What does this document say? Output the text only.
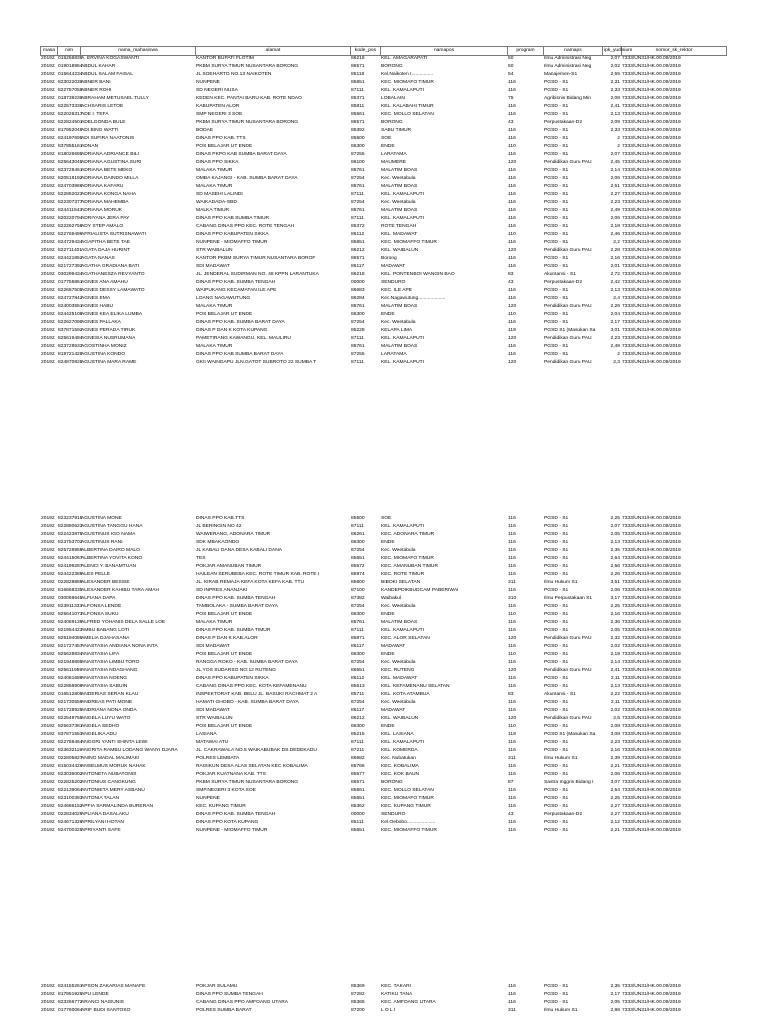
masa	nim	nama_mahasiswa	alamat	kode_pos	namapos	program	namaps	ipk_yudisium	nomor_sk_rektor
20192	015256839	A. ERVINA KOGASWANTI	KANTOR BUPATI FLOTIM	86216	KEL. AMAGARAPATI	50	Ilmu Administrasi Neg	2,07	7333/UN31/HK.00.09/2019
20192	019018964	ABDUL KAHAR	PKBM SURYA TIMUR NUSANTARA BORONG	86571	BORONG	50	Ilmu Administrasi Neg	2,02	7333/UN31/HK.00.09/2019
20192	015644234	ABDUL SALAM FAISAL	JL SOEHARTO NO.13 NAIKOTEN	85118	Kel.Naikoten I................	54	Manajemen-S1	2,55	7333/UN31/HK.00.09/2019
20192	823022036	ABNER BANI	NUNPENE	85651	KEC. MIOMAFO TIMUR	116	PGSD - S1	2,31	7333/UN31/HK.00.09/2019
20192	822757058	ABNER ROHI	SD NEGERI NUSA	87111	KEL. KAMALAPUTI	116	PGSD - S1	2,33	7333/UN31/HK.00.09/2019
20192	018739236	ABRAHAM METUSAEL TULLY	KEDEN KEC. PANTAI BARU KAB. ROTE NDAO	85371	LOBALAIN	75	Agribisnis Bidang Min	2,08	7333/UN31/HK.00.09/2019
20192	822573338	ACHSARIS LETOE	KABUPATEN ALOR	85811	KEL. KALABAHI TIMUR	116	PGSD - S1	2,41	7333/UN31/HK.00.09/2019
20192	822026317	ADE I. TEFA	SMP NEGERI 3 SOE	85561	KEC. MOLLO SELATAN	116	PGSD - S1	2,13	7333/UN31/HK.00.09/2019
20192	822824501	ADELGONDA BULE	PKBM SURYA TIMUR NUSANTARA BORONG	86571	BORONG	43	Perpustakaan-D2	2,09	7333/UN31/HK.00.09/2019
20192	817952049	ADI BING WATTI	BODAE	85392	SABU TIMUR	116	PGSD - S1	2,33	7333/UN31/HK.00.09/2019
20192	824197695	ADI SUFIRA NAATONIS	DINAS PPO KAB. TTS	85500	SOE	116	PGSD - S1	2	7333/UN31/HK.00.09/2019
20192	837855161	ADNAN	POS BELAJAR UT ENDE	86300	ENDE	110	PGSD - S1	2	7333/UN31/HK.00.09/2019
20192	818026695	ADRIANA ADRIANCE BILI	DINAS PKPO KAB SUMBA BARAT DAYA	87255	LARATAMA	116	PGSD - S1	2,07	7333/UN31/HK.00.09/2019
20192	825643045	ADRIANA AGUSTINA SURI	DINAS PPO SIKKA	86100	MAUMERE	120	Pendidikan Guru PAU	2,45	7333/UN31/HK.00.09/2019
20192	823728461	ADRIANA BETE MEKO	MALAKA TIMUR	85761	MALATIM BOAS	116	PGSD - S1	2,14	7333/UN31/HK.00.09/2019
20192	820518192	ADRIANA DAINDO MILLA	OMBA KAJANGI - KAB. SUMBA BARAT DAYA	87254	Kec. Weetabula	116	PGSD - S1	2,06	7333/UN31/HK.00.09/2019
20192	824703986	ADRIANA KAFARU	MALAKA TIMUR	85761	MALATIM BOAS	116	PGSD - S1	2,51	7333/UN31/HK.00.09/2019
20192	822862023	ADRIANA KONGA NAHA	SD MASEHI LALINDI	87111	KEL. KAMALAPUTI	116	PGSD - S1	2,27	7333/UN31/HK.00.09/2019
20192	822307377	ADRIANA MAHEMBA	WAIKADADA-SBD	87254	Kec. Weetabula	116	PGSD - S1	2,23	7333/UN31/HK.00.09/2019
20192	824411543	ADRIANA MORUK	MALKA TIMUR	85761	MALATIM BOAS	116	PGSD - S1	2,49	7333/UN31/HK.00.09/2019
20192	820220794	ADRIYANA JERA PAY	DINAS PPO KAB SUMBA TIMUR	87111	KEL. KAMALAPUTI	116	PGSD - S1	2,06	7333/UN31/HK.00.09/2019
20192	822262758	ADY STEP AMALO	CABANG DINAS PPO KEC. ROTE TENGAH	85372	ROTE TENGAH	116	PGSD - S1	2,18	7333/UN31/HK.00.09/2019
20192	822769496	AFRIALISTA SUTRISNAWATI	DINAS PPO KABUPATEN SIKKA	86112	KEL. MADAWAT	110	PGSD - S1	2,46	7333/UN31/HK.00.09/2019
20192	824729434	AGAPITHA BETE TAE	NUNPENE - MIOMAFFO TIMUR	85651	KEC. MIOMAFFO TIMUR	116	PGSD - S1	2,2	7333/UN31/HK.00.09/2019
20192	822711401	AGATA DAJA HURINT	STR WAIBALUN	86212	KEL. WAIBALUN	120	Pendidikan Guru PAU	2,28	7333/UN31/HK.00.09/2019
20192	824421852	AGATA NANAS	KANTOR PKBM SURYA TIMUR NUSANTARA BOROF	86571	Borong	116	PGSD - S1	2,16	7333/UN31/HK.00.09/2019
20192	821727392	AGATHA GRADIANA BATI	SDI MADAWAT	86117	MADAWAT	116	PGSD - S1	2,01	7333/UN31/HK.00.09/2019
20192	030299434	AGATHANESZA REVYANTO	JL. JENDERAL SUDIRMAN NO. 48 KPPN LARANTUKA	86218	KEL. PONTENBOI WANGIN BAO	83	Akuntansi - S1	2,72	7333/UN31/HK.00.09/2019
20192	017755861	AGNES ANA AMAHU	DINAS PPO KAB. SUMBA TENGAH	00000	SENDURO	43	Perpustakaan-D2	2,42	7333/UN31/HK.00.09/2019
20192	822667505	AGNES DESSY LAMAWATO	WAIPUKANG KECAMATAN ILE APE	86683	KEC. ILE APE	116	PGSD - S1	2,13	7333/UN31/HK.00.09/2019
20192	824727842	AGNES EMA	LOANG NAGAWUTUNG	86284	Kec.Nagawutung....................	116	PGSD - S1	2,4	7333/UN31/HK.00.09/2019
20192	824003551	AGNES HABU	MALAKA TIMUR	85761	MALATIM BOAS	120	Pendidikan Guru PAU	2,26	7333/UN31/HK.00.09/2019
20192	824425108	AGNES KEA ELIKA LUMBA	POS BELAJAR UT ENDE	86300	ENDE	110	PGSD - S1	2,04	7333/UN31/HK.00.09/2019
20192	822627090	AGNES PALLAKA	DINAS PPO KAB. SUMBA BARAT DAYA	87254	Kec. Weetabula	116	PGSD - S1	2,17	7333/UN31/HK.00.09/2019
20192	837871592	AGNES PERADA TIRUK	DINAS P DAN K KOTA KUPANG	85228	KELAPA LIMA	119	PGSD S1 (Masukan Sa	3,01	7333/UN31/HK.00.09/2019
20192	825619494	AGNESIA NUSRUMANA	PAMETIRANG KAWANGU, KEL. MAULIRU	87111	KEL. KAMALAPUTI	120	Pendidikan Guru PAU	2,23	7333/UN31/HK.00.09/2019
20192	823728533	AGOSTINHA MONIZ	MALAKA TIMUR	85761	MALATIM BOAS	116	PGSD - S1	2,48	7333/UN31/HK.00.09/2019
20192	819721429	AGUSTINA KONDO	DINAS PPO KAB SUMBA BARAT DAYA	87255	LARATAMA	116	PGSD - S1	2	7333/UN31/HK.00.09/2019
20192	824870825	AGUSTINA MARA RAME	GKII WAINGAPU JLN.GATOT SUBROTO 22 SUMBA T	87111	KEL. KAMALAPUTI	120	Pendidikan Guru PAU	2,3	7333/UN31/HK.00.09/2019
20192	823237915	AGUSTINA MONE	DINAS PPO KAB.TTS	85500	SOE	116	PGSD - S1	2,25	7333/UN31/HK.00.09/2019
20192	822880623	AGUSTINA TANGGU HANA	JL BERINGIN NO 42	87111	KEL. KAMALAPUTI	116	PGSD - S1	2,07	7333/UN31/HK.00.09/2019
20192	822423875	AGUSTINUS IGO NAMA	WAIWERANG, ADONARA TIMUR	86261	KEC. ADONARA TIMUR	116	PGSD - S1	2,05	7333/UN31/HK.00.09/2019
20192	823753702	AGUSTINUS RANI	SDK MBAKAONDO	86300	ENDE	116	PGSD - S1	2,13	7333/UN31/HK.00.09/2019
20192	825728958	ALBERTINA DAIRO MALO	JL KABALI DANA DESA KABALI DANA	87254	Kec. Weetabula	116	PGSD - S1	2,35	7333/UN31/HK.00.09/2019
20192	824415067	ALBERTINA YOVITA KONO	TES	85651	KEC. MIOMAFO TIMUR	116	PGSD - S1	2,64	7333/UN31/HK.00.09/2019
20192	824199287	ALENCI Y. BANAMTUAN	POKJAR AMANUBAN TIMUR	85572	KEC. AMANUBAN TIMUR	116	PGSD - S1	2,56	7333/UN31/HK.00.09/2019
20192	824422388	ALES PELLE	HAILEAN SERUBEBA KEC. ROTE TIMUR KAB. ROTE I	85974	KEC. ROTE TIMUR	116	PGSD - S1	2,26	7333/UN31/HK.00.09/2019
20192	022828888	ALEXANDER BESSIE	JL. KIRAB REMAJA KEFA KOTA KEFA KAB. TTU	85600	BIBOKI SELATAN	311	Ilmu Hukum S1	3,51	7333/UN31/HK.00.09/2019
20192	816668335	ALEXANDER KAHIBU TARA AMAH	SD INPRES ANANJAKI	87100	KANDEPDIKBUDCAM PABERIWAI	116	PGSD - S1	2,06	7333/UN31/HK.00.09/2019
20192	030069645	ALFIANA DAPA	DINAS PPO KAB. SUMBA TENGAH	87382	Waibakul	310	Ilmu Perpustakaan S1	3,17	7333/UN31/HK.00.09/2019
20192	823911333	ALFONSA LENDE	TAMBOLAKA - SUMBA BARAT DAYA	87254	Kec. Weetabula	116	PGSD - S1	2,25	7333/UN31/HK.00.09/2019
20192	825641073	ALFONSA SUKU	POS BELAJAR UT ENDE	86300	ENDE	110	PGSD - S1	2,16	7333/UN31/HK.00.09/2019
20192	824069139	ALFRED YOHANIS DELA SALLE LOE	MALAKA TIMUR	85761	MALATIM BOAS	116	PGSD - S1	2,36	7333/UN31/HK.00.09/2019
20192	821954423	AMBU BABANG LOTI	DINAS PPO KAB. SUMBA TIMUR	87111	KEL. KAMALAPUTI	116	PGSD - S1	2,05	7333/UN31/HK.00.09/2019
20192	825194085	AMELIA DJAHASANA	DINAS P DAN K KAB.ALOR	85871	KEC. ALOR SELATAN	120	Pendidikan Guru PAU	2,32	7333/UN31/HK.00.09/2019
20192	821727457	ANASTASIA ANDIANA NONA INTA	SDI MADAWAT	86117	MADAWAT	116	PGSD - S1	2,02	7333/UN31/HK.00.09/2019
20192	825628834	ANASTASIA LIFA	POS BELAJAR UT ENDE	86300	ENDE	110	PGSD - S1	2,19	7333/UN31/HK.00.09/2019
20192	821948895	ANASTASIA LIMBU TORO	RANGGA ROKO - KAB. SUMBA BARAT DAYA	87254	Kec. Weetabula	116	PGSD - S1	2,14	7333/UN31/HK.00.09/2019
20192	825611959	ANASTASIA NDAGHANG	JL.YOS SUDARSO NO:12 RUTENG	86551	KEC. RUTENG	120	Pendidikan Guru PAU	2,41	7333/UN31/HK.00.09/2019
20192	824061689	ANASTASIA NOENG	DINAS PPO KABUPATEN SIKKA	86112	KEL. MADAWAT	116	PGSD - S1	2,11	7333/UN31/HK.00.09/2019
20192	822866909	ANASTASIA SABUIN	CABANG DINAS PPO KEC. KOTA KEFAMENANU	85613	KEL. KEFAMENANU SELATAN	116	PGSD - S1	2,13	7333/UN31/HK.00.09/2019
20192	016512805	ANDERIAS SERAN KLAU	INSPEKTORAT KAB. BELU JL. BASUKI RACHMAT 2 A	85711	KEL. KOTA ATAMBUA	83	Akuntansi - S1	2,22	7333/UN31/HK.00.09/2019
20192	821730559	ANDREAS PATI MONE	HAMATI GHOBO - KAB. SUMBA BARAT DAYA	87254	Kec. Weetabula	116	PGSD - S1	2,11	7333/UN31/HK.00.09/2019
20192	821728925	ANDRIANA NONA ONDA	SDI MADAWAT	86117	MADAWAT	116	PGSD - S1	2,02	7333/UN31/HK.00.09/2019
20192	822549755	ANGELA LUYU WATO	STR WAIBALUN	86212	KEL. WAIBALUN	120	Pendidikan Guru PAU	2,5	7333/UN31/HK.00.09/2019
20192	825637381	ANGELA SEDHO	POS BELAJAR UT ENDE	86300	ENDE	110	PGSD - S1	2,08	7333/UN31/HK.00.09/2019
20192	837871553	ANGELIKA ADU	LASIANA	85215	KEL. LASIANA	119	PGSD S1 (Masukan Sa	3,08	7333/UN31/HK.00.09/2019
20192	822769464	ANGGRI YANTI SHINTA LEWI	MATAWAI ATU	87111	KEL. KAMALAPUTI	116	PGSD - S1	2,23	7333/UN31/HK.00.09/2019
20192	823632119	ANGRITA RAMBU LODANG WANYI DJARA	JL. CAKRAWALA NO.5 WAIKABUBAK DS.DEDEKADU	87211	KEL. KOMERDA	116	PGSD - S1	2,16	7333/UN31/HK.00.09/2019
20192	022805827	ANINO MADAL MALIMAKI	POLRES LEMBATA	86682	Kec. Nubatukan	311	Ilmu Hukum S1	2,39	7333/UN31/HK.00.09/2019
20192	815034426	ANSELMUS MORUK NAHAK	RAISIKUN DESA ALAS SELATAN KEC KOBALIMA	85766	KEC. KOBALIMA	116	PGSD - S1	2,21	7333/UN31/HK.00.09/2019
20192	823036002	ANTONETA NUBATONIS	POKJAR KUATNANA KAB. TTS	85577	KEC. KOK BAUN	116	PGSD - S1	2,06	7333/UN31/HK.00.09/2019
20192	022825202	ANTONIUS CANGKUNG	PKBM SURYA TIMUR NUSANTARA BORONG	86571	BORONG	87	Sastra Inggris Bidang I	3,07	7333/UN31/HK.00.09/2019
20192	822139064	ANTONIETA MERY ASBANU	SMP.NEGERI 3 KOTA SOE	85561	KEC. MOLLO SELATAN	116	PGSD - S1	2,54	7333/UN31/HK.00.09/2019
20192	823100383	ANTONIA TALAN	NUNPENE	85651	KEC. MIOMAFO TIMUR	116	PGSD - S1	2,25	7333/UN31/HK.00.09/2019
20192	824686152	APFIA SARMALINDA BURERAN	KEC. KUPANG TIMUR	85362	KEC. KUPANG TIMUR	116	PGSD - S1	2,27	7333/UN31/HK.00.09/2019
20192	022834029	APLIANA DASALAKU	DINAS PPO KAB. SUMBA TENGAH	00000	SENDURO	43	Perpustakaan-D2	2,27	7333/UN31/HK.00.09/2019
20192	824671328	APRILYANI HOTAN	DINAS PPO KOTA KUPANG	85111	Kel.Oebobo.....................	116	PGSD - S1	2,12	7333/UN31/HK.00.09/2019
20192	824700325	APRIYANTI SAFE	NUNPENE - MIOMAFFO TIMUR	85651	KEC. MIOMAFFO TIMUR	116	PGSD - S1	2,21	7333/UN31/HK.00.09/2019
20192	824155261	APSON ZAKARIAS MANAFE	POKJAR SULAMU	85369	KEC. TAKARI	116	PGSD - S1	2,35	7333/UN31/HK.00.09/2019
20192	817951925	APU LENDE	DINAS PPO SUMBA TENGAH	87282	KATIKU TANA	116	PGSD - S1	2,17	7333/UN31/HK.00.09/2019
20192	823266772	ARANCI NAISUNIS	CABANG DINAS PPO AMFOANG UTARA	85365	KEC. AMFOANG UTARA	116	PGSD - S1	2,05	7333/UN31/HK.00.09/2019
20192	017760064	ARIF BUDI SANTOSO	POLRES SUMBA BARAT	87200	L O L I	311	Ilmu Hukum S1	2,88	7333/UN31/HK.00.09/2019
